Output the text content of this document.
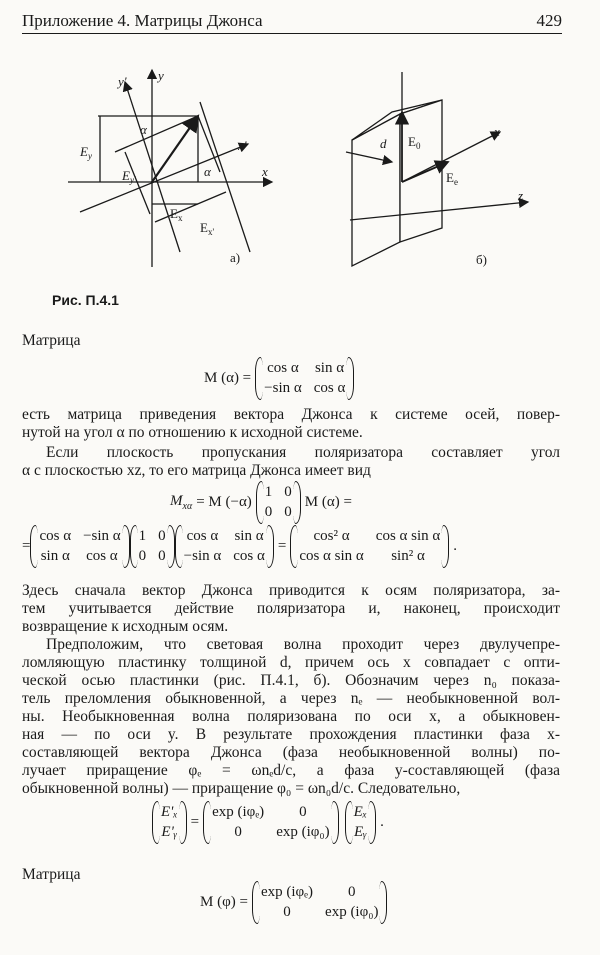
Приложение 4. Матрицы Джонса	429
y' y
x'
x
$E_y$
$E_{y'}$
$E_x$
$E_{x'}$
α
α
а)
d $E_0$
$E_e$
x
z
б)
Рис. П.4.1
Матрица
M (α) =
cos α sin α
−sin α cos α
есть матрица приведения вектора Джонса к системе осей, повер-
нутой на угол α по отношению к исходной системе.
Если плоскость пропускания поляризатора составляет угол
α с плоскостью xz, то его матрица Джонса имеет вид
$M_{x\alpha} = M$ (−α)
1 0
0 0
M (α) =
=
cos α −sin α
sin α cos α
1 0
0 0
cos α sin α
−sin α cos α
=
cos² α	cos α sin α
cos α sin α	sin² α
.
Здесь сначала вектор Джонса приводится к осям поляризатора, за-
тем учитывается действие поляризатора и, наконец, происходит
возвращение к исходным осям.
Предположим, что световая волна проходит через двулучепре-
ломляющую пластинку толщиной d, причем ось x совпадает с опти-
ческой осью пластинки (рис. П.4.1, б). Обозначим через n₀ показа-
тель преломления обыкновенной, а через nₑ — необыкновенной вол-
ны. Необыкновенная волна поляризована по оси x, а обыкновен-
ная — по оси y. В результате прохождения пластинки фаза x-
составляющей вектора Джонса (фаза необыкновенной волны) по-
лучает приращение φₑ = ωnₑd/c, а фаза y-составляющей (фаза
обыкновенной волны) — приращение φ₀ = ωn₀d/c. Следовательно,
E'ₓ
E'ᵧ
=
exp (iφₑ)	0
0	exp (iφ₀)
Eₓ
Eᵧ
.
Матрица
M (φ) =
exp (iφₑ)	0
0	exp (iφ₀)
